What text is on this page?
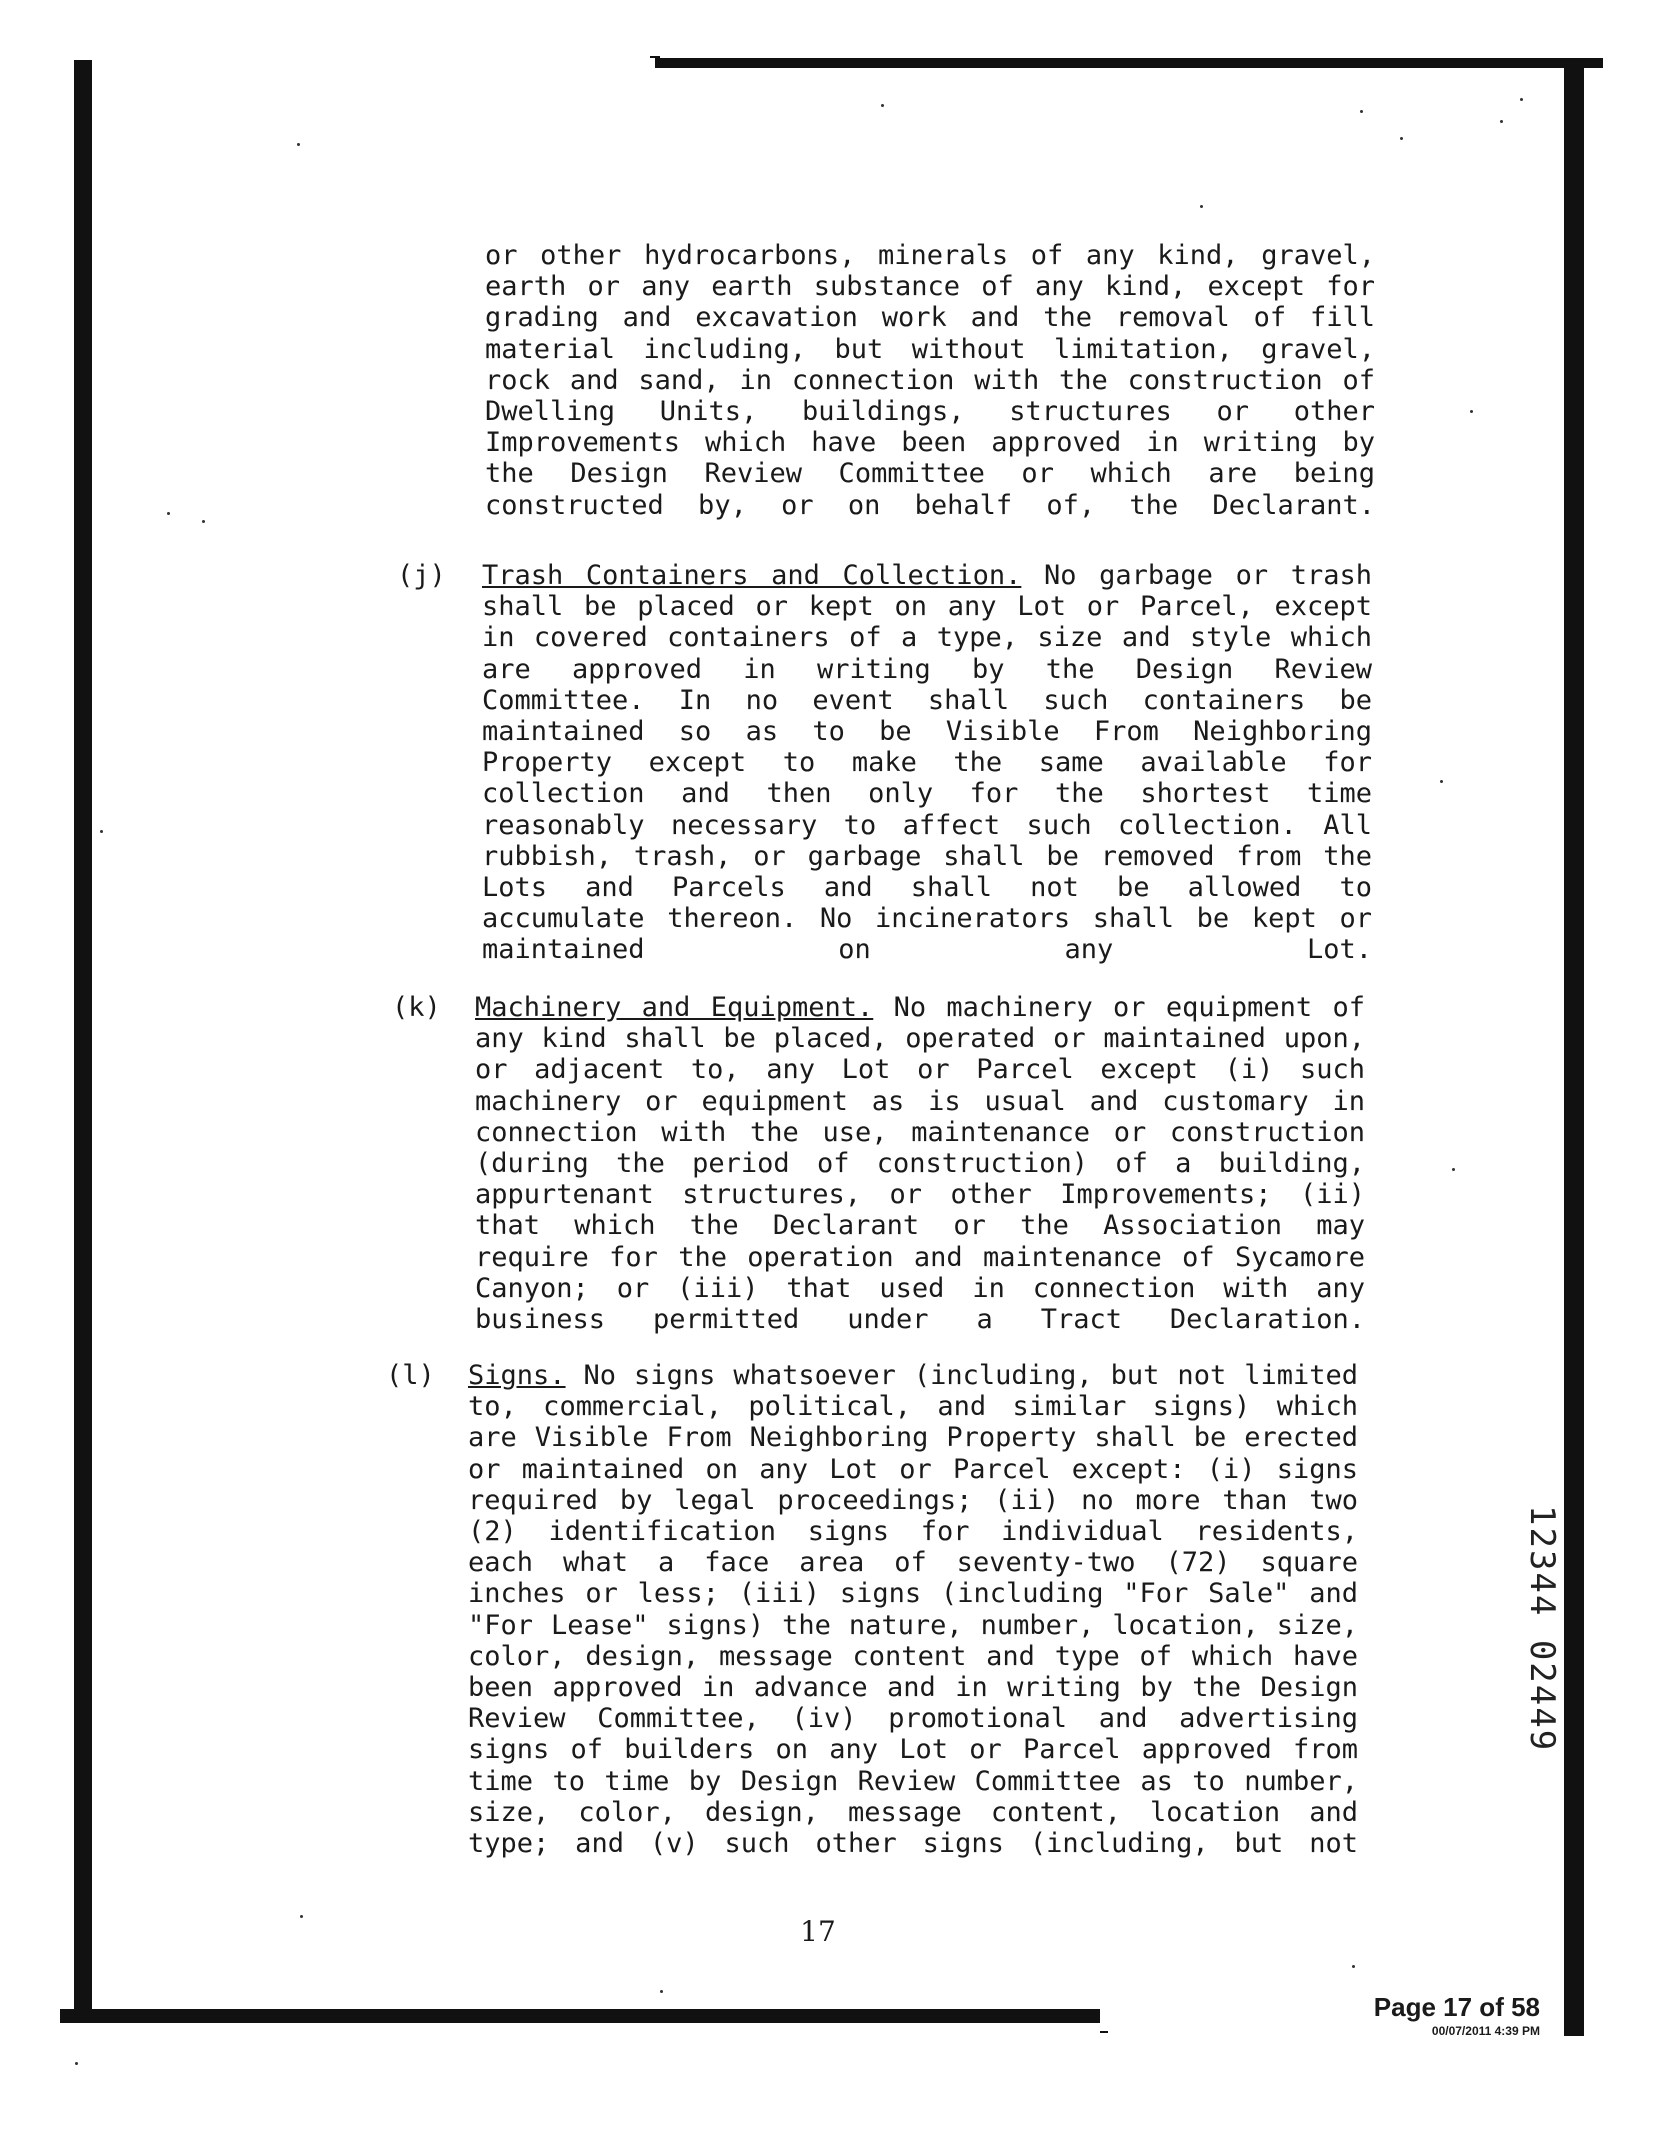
or other hydrocarbons, minerals of any kind, gravel, earth or any earth substance of any kind, except for grading and excavation work and the removal of fill material including, but without limitation, gravel, rock and sand, in connection with the construction of Dwelling Units, buildings, structures or other Improvements which have been approved in writing by the Design Review Committee or which are being constructed by, or on behalf of, the Declarant.
(j) Trash Containers and Collection. No garbage or trash shall be placed or kept on any Lot or Parcel, except in covered containers of a type, size and style which are approved in writing by the Design Review Committee. In no event shall such containers be maintained so as to be Visible From Neighboring Property except to make the same available for collection and then only for the shortest time reasonably necessary to affect such collection. All rubbish, trash, or garbage shall be removed from the Lots and Parcels and shall not be allowed to accumulate thereon. No incinerators shall be kept or maintained on any Lot.
(k) Machinery and Equipment. No machinery or equipment of any kind shall be placed, operated or maintained upon, or adjacent to, any Lot or Parcel except (i) such machinery or equipment as is usual and customary in connection with the use, maintenance or construction (during the period of construction) of a building, appurtenant structures, or other Improvements; (ii) that which the Declarant or the Association may require for the operation and maintenance of Sycamore Canyon; or (iii) that used in connection with any business permitted under a Tract Declaration.
(l) Signs. No signs whatsoever (including, but not limited to, commercial, political, and similar signs) which are Visible From Neighboring Property shall be erected or maintained on any Lot or Parcel except: (i) signs required by legal proceedings; (ii) no more than two (2) identification signs for individual residents, each what a face area of seventy-two (72) square inches or less; (iii) signs (including "For Sale" and "For Lease" signs) the nature, number, location, size, color, design, message content and type of which have been approved in advance and in writing by the Design Review Committee, (iv) promotional and advertising signs of builders on any Lot or Parcel approved from time to time by Design Review Committee as to number, size, color, design, message content, location and type; and (v) such other signs (including, but not
12344 02449
17
Page 17 of 58
00/07/2011 4:39 PM
